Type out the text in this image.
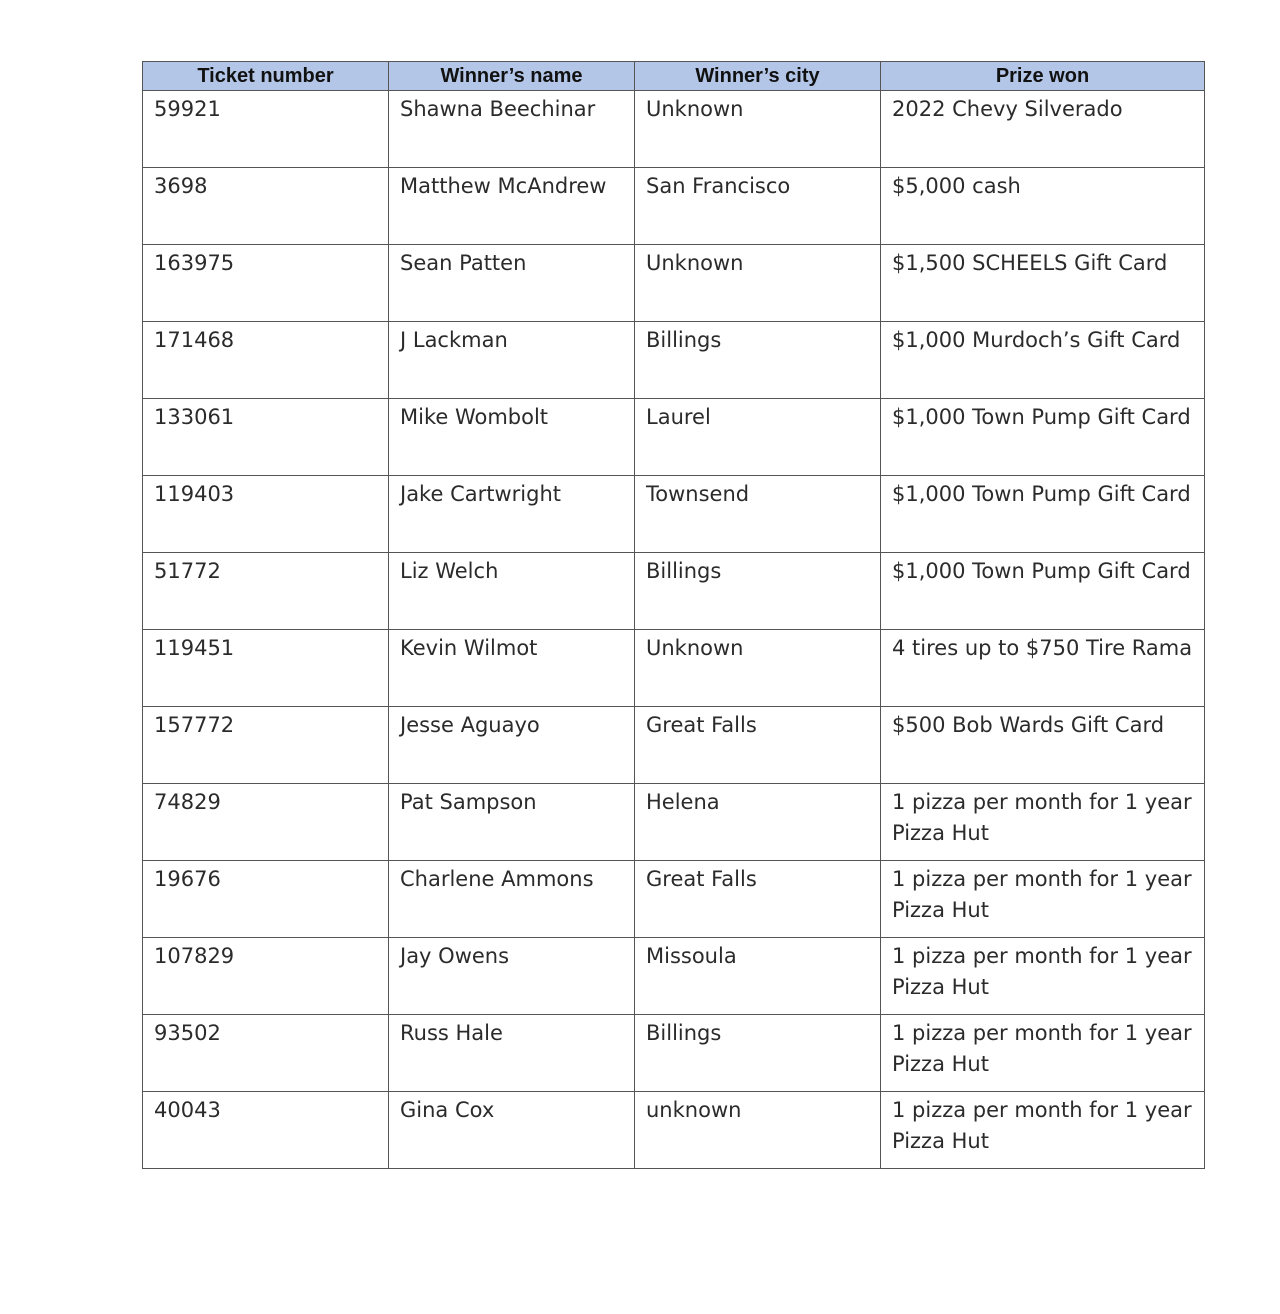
Ticket number	Winner’s name	Winner’s city	Prize won
59921	Shawna Beechinar	Unknown	2022 Chevy Silverado

3698	Matthew McAndrew	San Francisco	$5,000 cash

163975	Sean Patten	Unknown	$1,500 SCHEELS Gift Card

171468	J Lackman	Billings	$1,000 Murdoch’s Gift Card

133061	Mike Wombolt	Laurel	$1,000 Town Pump Gift Card

119403	Jake Cartwright	Townsend	$1,000 Town Pump Gift Card

51772	Liz Welch	Billings	$1,000 Town Pump Gift Card

119451	Kevin Wilmot	Unknown	4 tires up to $750 Tire Rama

157772	Jesse Aguayo	Great Falls	$500 Bob Wards Gift Card

74829	Pat Sampson	Helena	1 pizza per month for 1 year
Pizza Hut

19676	Charlene Ammons	Great Falls	1 pizza per month for 1 year
Pizza Hut

107829	Jay Owens	Missoula	1 pizza per month for 1 year
Pizza Hut

93502	Russ Hale	Billings	1 pizza per month for 1 year
Pizza Hut

40043	Gina Cox	unknown	1 pizza per month for 1 year
Pizza Hut
